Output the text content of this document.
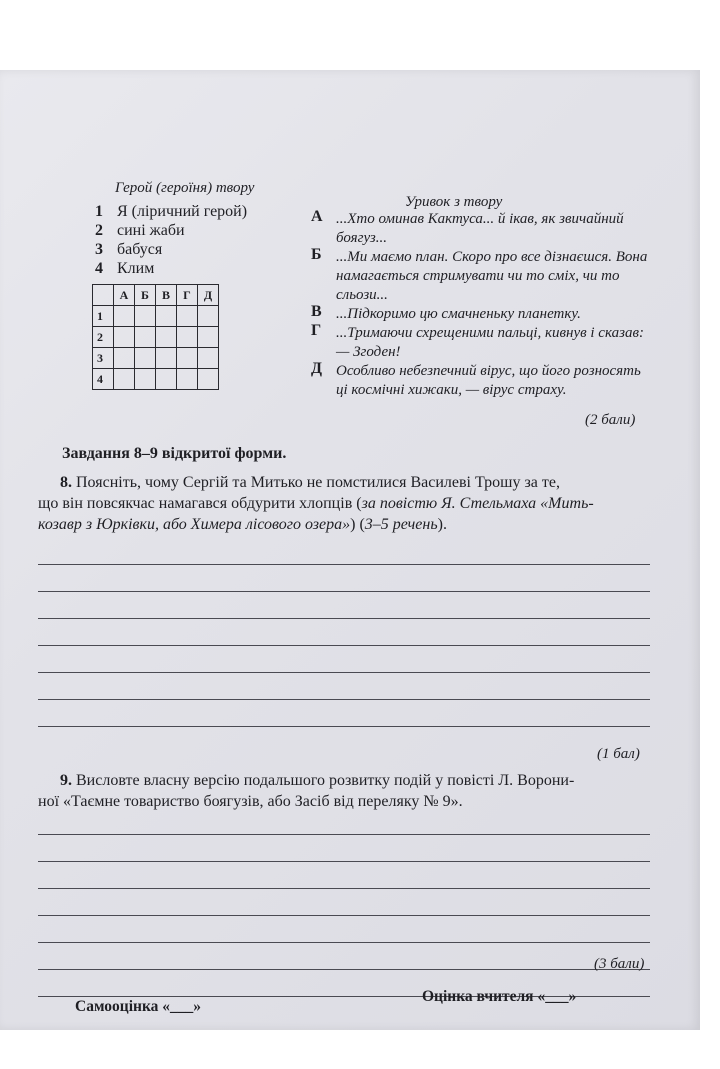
Герой (героїня) твору
1 Я (ліричний герой)
2 сині жаби
3 бабуся
4 Клим
	А	Б	В	Г	Д
1					
2					
3					
4					
Уривок з твору
А ...Хто оминав Кактуса... й ікав, як звичайний боягуз...
Б ...Ми маємо план. Скоро про все дізнаєшся. Вона намагається стримувати чи то сміх, чи то сльози...
В ...Підкоримо цю смачненьку планетку.
Г ...Тримаючи схрещеними пальці, кивнув і сказав: — Згоден!
Д Особливо небезпечний вірус, що його розносять ці космічні хижаки, — вірус страху.
(2 бали)
Завдання 8–9 відкритої форми.
8. Поясніть, чому Сергій та Митько не помстилися Василеві Трошу за те,
що він повсякчас намагався обдурити хлопців (за повістю Я. Стельмаха «Мить-
козавр з Юрківки, або Химера лісового озера») (3–5 речень).
(1 бал)
9. Висловте власну версію подальшого розвитку подій у повісті Л. Ворони-
ної «Таємне товариство боягузів, або Засіб від переляку № 9».
(3 бали)
Самооцінка «___»
Оцінка вчителя «___»
